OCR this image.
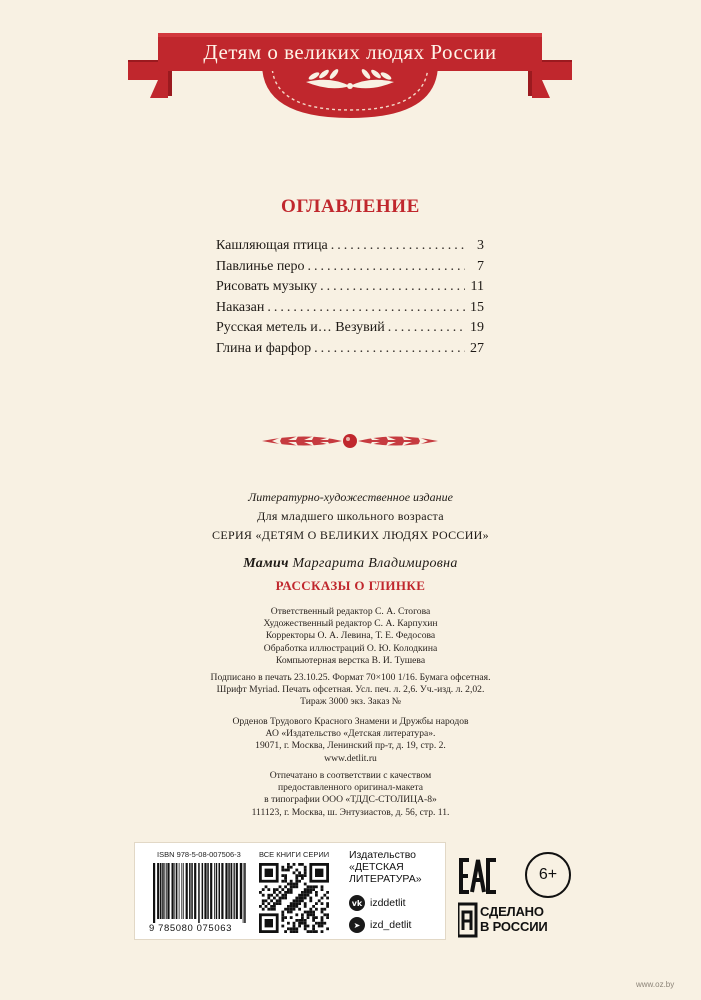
Детям о великих людях России
ОГЛАВЛЕНИЕ
Кашляющая птица .....	3
Павлинье перо .....	7
Рисовать музыку .....	11
Наказан .....	15
Русская метель и… Везувий .....	19
Глина и фарфор .....	27
Литературно-художественное издание
Для младшего школьного возраста
СЕРИЯ «ДЕТЯМ О ВЕЛИКИХ ЛЮДЯХ РОССИИ»
Мамич Маргарита Владимировна
РАССКАЗЫ О ГЛИНКЕ
Ответственный редактор С. А. Стогова
Художественный редактор С. А. Карпухин
Корректоры О. А. Левина, Т. Е. Федосова
Обработка иллюстраций О. Ю. Колодкина
Компьютерная верстка В. И. Тушева
Подписано в печать 23.10.25. Формат 70×100 1/16. Бумага офсетная.
Шрифт Myriad. Печать офсетная. Усл. печ. л. 2,6. Уч.-изд. л. 2,02.
Тираж 3000 экз. Заказ №
Орденов Трудового Красного Знамени и Дружбы народов
АО «Издательство «Детская литература».
19071, г. Москва, Ленинский пр-т, д. 19, стр. 2.
www.detlit.ru
Отпечатано в соответствии с качеством
предоставленного оригинал-макета
в типографии ООО «ТДДС-СТОЛИЦА-8»
111123, г. Москва, ш. Энтузиастов, д. 56, стр. 11.
ISBN 978-5-08-007506-3
9 785080 075063
ВСЕ КНИГИ СЕРИИ Издательство
«ДЕТСКАЯ
ЛИТЕРАТУРА»
vk izddetlit
➤ izd_detlit
6+
СДЕЛАНО
В РОССИИ
www.oz.by
